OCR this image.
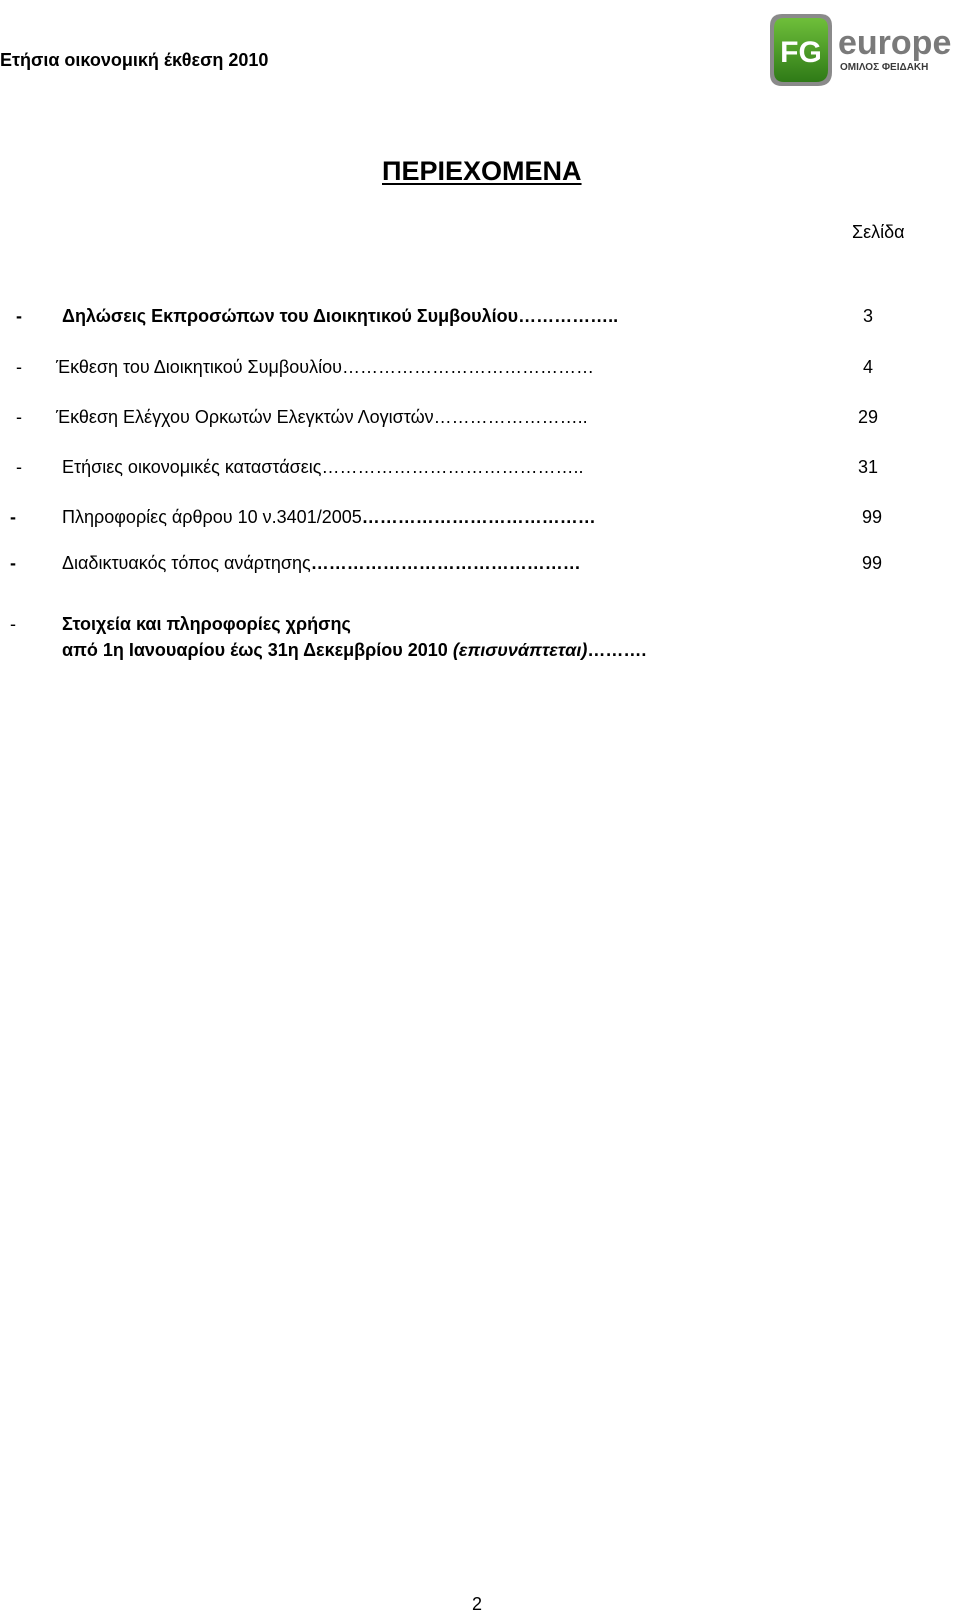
Ετήσια οικονομική έκθεση 2010	FG europe
ΟΜΙΛΟΣ ΦΕΙΔΑΚΗ
ΠΕΡΙΕΧΟΜΕΝΑ
Σελίδα
- Δηλώσεις Εκπροσώπων του Διοικητικού Συμβουλίου……………..	3
- Έκθεση του Διοικητικού Συμβουλίου……………………………………	4
- Έκθεση Ελέγχου Ορκωτών Ελεγκτών Λογιστών……………………..	29
- Ετήσιες οικονομικές καταστάσεις……………………………………..	31
-	Πληροφορίες άρθρου 10 ν.3401/2005…………………………………	99
-	Διαδικτυακός τόπος ανάρτησης………………………………………	99
-	Στοιχεία και πληροφορίες χρήσης
από 1η Ιανουαρίου έως 31η Δεκεμβρίου 2010 (επισυνάπτεται)……….
2
